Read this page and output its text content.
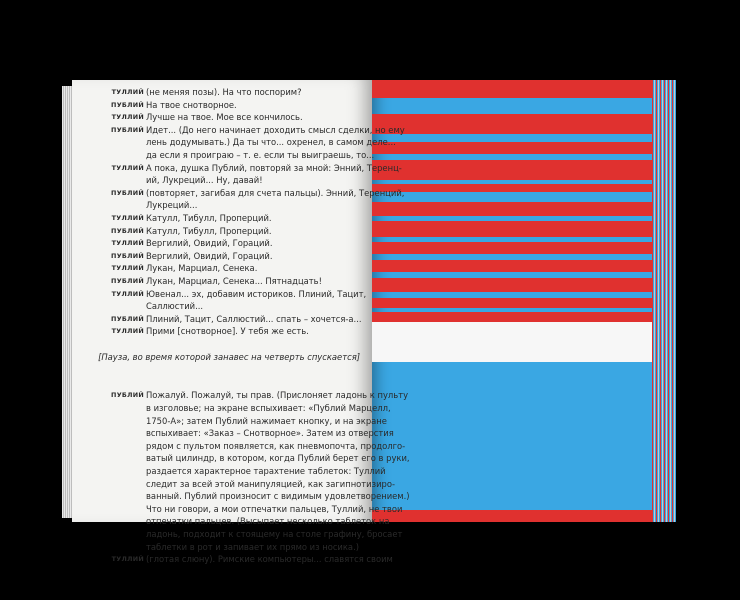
ТУЛЛИЙ (не меняя позы). На что поспорим?
ПУБЛИЙ На твое снотворное.
ТУЛЛИЙ Лучше на твое. Мое все кончилось.
ПУБЛИЙ Идет... (До него начинает доходить смысл сделки, но ему
лень додумывать.) Да ты что... охренел, в самом деле...
да если я проиграю – т. е. если ты выиграешь, то...
ТУЛЛИЙ А пока, душка Публий, повторяй за мной: Энний, Теренц-
ий, Лукреций... Ну, давай!
ПУБЛИЙ (повторяет, загибая для счета пальцы). Энний, Теренций,
Лукреций...
ТУЛЛИЙ Катулл, Тибулл, Проперций.
ПУБЛИЙ Катулл, Тибулл, Проперций.
ТУЛЛИЙ Вергилий, Овидий, Гораций.
ПУБЛИЙ Вергилий, Овидий, Гораций.
ТУЛЛИЙ Лукан, Марциал, Сенека.
ПУБЛИЙ Лукан, Марциал, Сенека... Пятнадцать!
ТУЛЛИЙ Ювенал... эх, добавим историков. Плиний, Тацит,
Саллюстий...
ПУБЛИЙ Плиний, Тацит, Саллюстий... спать – хочется-а...
ТУЛЛИЙ Прими [снотворное]. У тебя же есть.
[Пауза, во время которой занавес на четверть спускается]
ПУБЛИЙ Пожалуй. Пожалуй, ты прав. (Прислоняет ладонь к пульту
в изголовье; на экране вспыхивает: «Публий Марцелл,
1750-А»; затем Публий нажимает кнопку, и на экране
вспыхивает: «Заказ – Снотворное». Затем из отверстия
рядом с пультом появляется, как пневмопочта, продолго-
ватый цилиндр, в котором, когда Публий берет его в руки,
раздается характерное тарахтение таблеток: Туллий
следит за всей этой манипуляцией, как загипнотизиро-
ванный. Публий произносит с видимым удовлетворением.)
Что ни говори, а мои отпечатки пальцев, Туллий, не твои
отпечатки пальцев. (Высыпает несколько таблеток на
ладонь, подходит к стоящему на столе графину, бросает
таблетки в рот и запивает их прямо из носика.)
ТУЛЛИЙ (глотая слюну). Римские компьютеры... славятся своим
